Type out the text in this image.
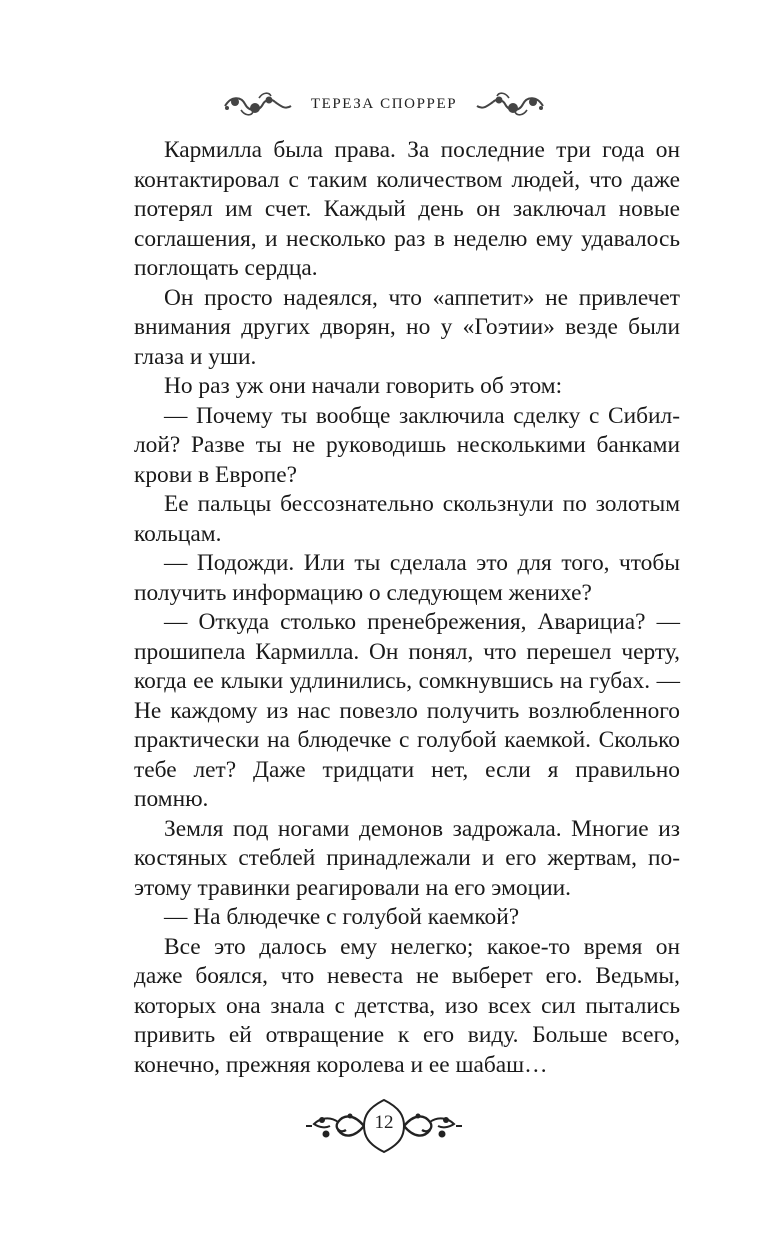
ТЕРЕЗА СПОРРЕР

Кармилла была права. За последние три года он контактировал с таким количеством людей, что даже потерял им счет. Каждый день он заключал новые соглашения, и несколько раз в неделю ему удавалось поглощать сердца.

Он просто надеялся, что «аппетит» не привлечет внимания других дворян, но у «Гоэтии» везде были глаза и уши.

Но раз уж они начали говорить об этом:

— Почему ты вообще заключила сделку с Сибиллой? Разве ты не руководишь несколькими банками крови в Европе?

Ее пальцы бессознательно скользнули по золотым кольцам.

— Подожди. Или ты сделала это для того, чтобы получить информацию о следующем женихе?

— Откуда столько пренебрежения, Аварициа? — прошипела Кармилла. Он понял, что перешел черту, когда ее клыки удлинились, сомкнувшись на губах. — Не каждому из нас повезло получить возлюбленного практически на блюдечке с голубой каемкой. Сколько тебе лет? Даже тридцати нет, если я правильно помню.

Земля под ногами демонов задрожала. Многие из костяных стеблей принадлежали и его жертвам, поэтому травинки реагировали на его эмоции.

— На блюдечке с голубой каемкой?

Все это далось ему нелегко; какое-то время он даже боялся, что невеста не выберет его. Ведьмы, которых она знала с детства, изо всех сил пытались привить ей отвращение к его виду. Больше всего, конечно, прежняя королева и ее шабаш…

12
